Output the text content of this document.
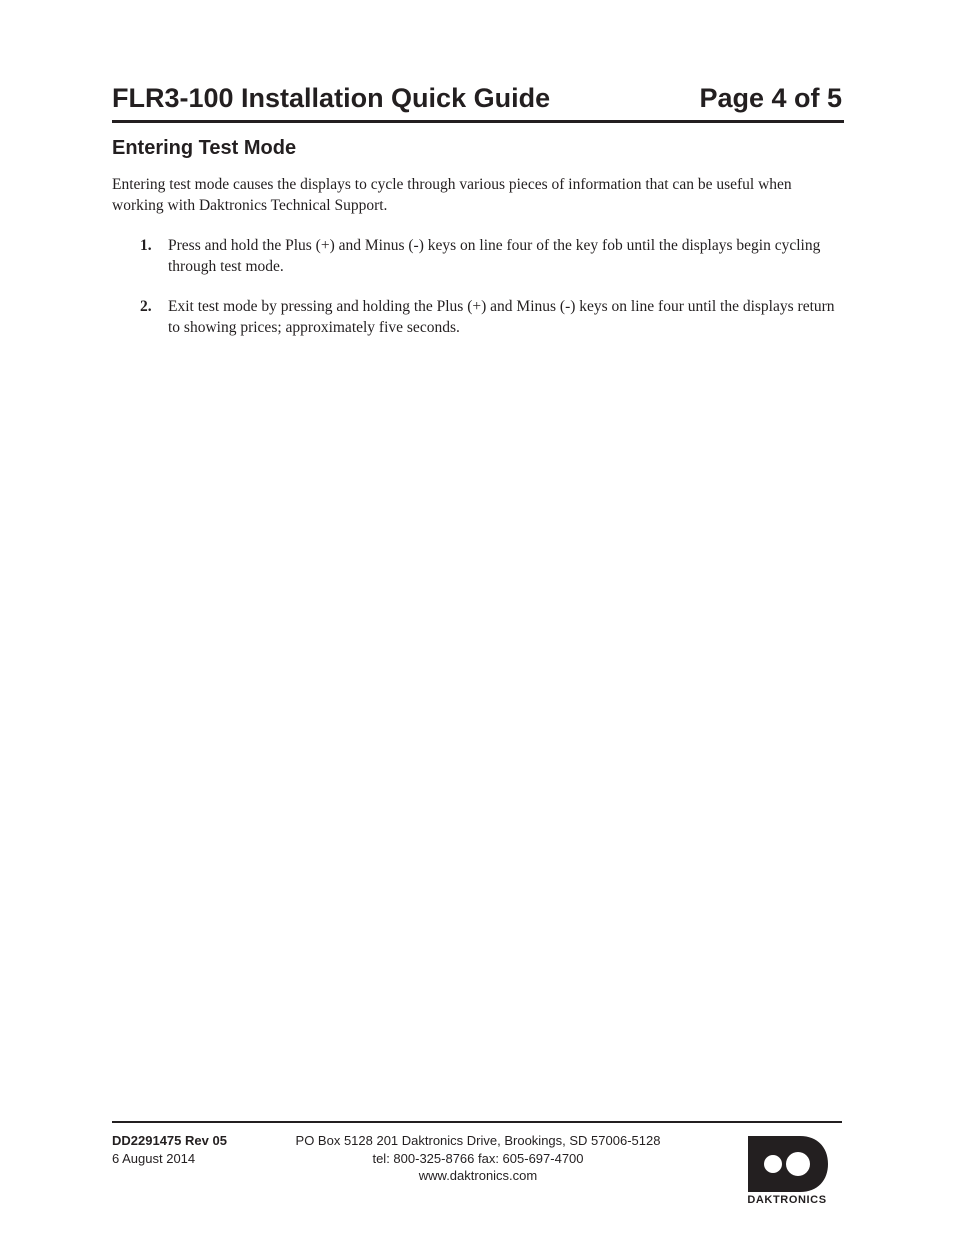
FLR3-100 Installation Quick Guide	Page 4 of 5
Entering Test Mode

Entering test mode causes the displays to cycle through various pieces of information that can be useful when working with Daktronics Technical Support.

1. Press and hold the Plus (+) and Minus (-) keys on line four of the key fob until the displays begin cycling through test mode.
2. Exit test mode by pressing and holding the Plus (+) and Minus (-) keys on line four until the displays return to showing prices; approximately five seconds.
DD2291475 Rev 05
6 August 2014
PO Box 5128 201 Daktronics Drive, Brookings, SD 57006-5128
tel: 800-325-8766 fax: 605-697-4700
www.daktronics.com
DAKTRONICS
